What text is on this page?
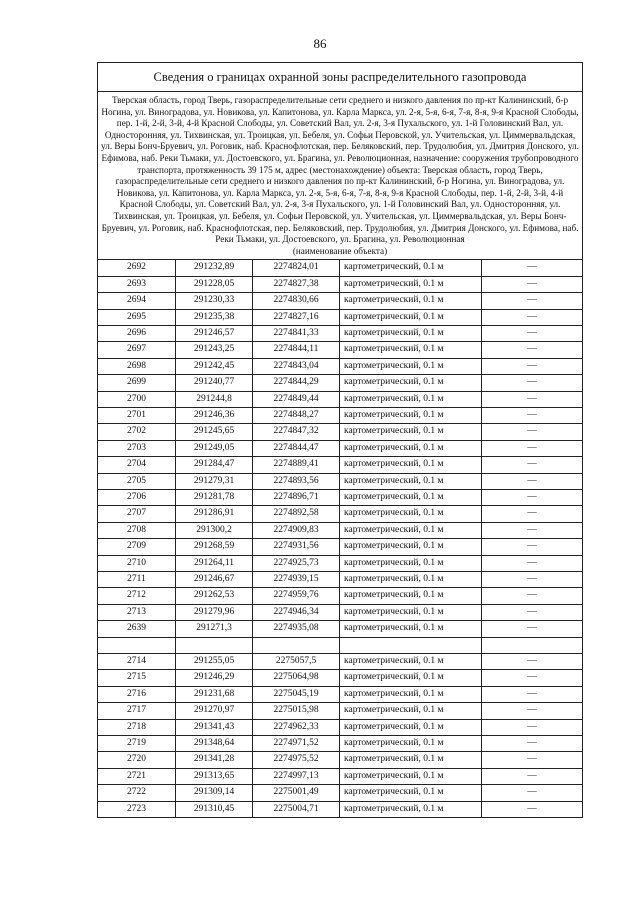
86
Сведения о границах охранной зоны распределительного газопровода				

Тверская область, город Тверь, газораспределительные сети среднего и низкого давления по пр-кт Калининский, б-р Ногина, ул. Виноградова, ул. Новикова, ул. Капитонова, ул. Карла Маркса, ул. 2-я, 5-я, 6-я, 7-я, 8-я, 9-я Красной Слободы, пер. 1-й, 2-й, 3-й, 4-й Красной Слободы, ул. Советский Вал, ул. 2-я, 3-я Пухальского, ул. 1-й Головинский Вал, ул. Односторонняя, ул. Тихвинская, ул. Троицкая, ул. Бебеля, ул. Софьи Перовской, ул. Учительская, ул. Циммервальдская, ул. Веры Бонч-Бруевич, ул. Роговик, наб. Краснофлотская, пер. Беляковский, пер. Трудолюбия, ул. Дмитрия Донского, ул. Ефимова, наб. Реки Тьмаки, ул. Достоевского, ул. Брагина, ул. Революционная, назначение: сооружения трубопроводного транспорта, протяженность 39 175 м, адрес (местонахождение) объекта: Тверская область, город Тверь, газораспределительные сети среднего и низкого давления по пр-кт Калининский, б-р Ногина, ул. Виноградова, ул. Новикова, ул. Капитонова, ул. Карла Маркса, ул. 2-я, 5-я, 6-я, 7-я, 8-я, 9-я Красной Слободы, пер. 1-й, 2-й, 3-й, 4-й Красной Слободы, ул. Советский Вал, ул. 2-я, 3-я Пухальского, ул. 1-й Головинский Вал, ул. Односторонняя, ул. Тихвинская, ул. Троицкая, ул. Бебеля, ул. Софьи Перовской, ул. Учительская, ул. Циммервальдская, ул. Веры Бонч-Бруевич, ул. Роговик, наб. Краснофлотская, пер. Беляковский, пер. Трудолюбия, ул. Дмитрия Донского, ул. Ефимова, наб. Реки Тьмаки, ул. Достоевского, ул. Брагина, ул. Революционная
(наименование объекта)				

2692	291232,89	2274824,01	картометрический, 0.1 м	—
2693	291228,05	2274827,38	картометрический, 0.1 м	—
2694	291230,33	2274830,66	картометрический, 0.1 м	—
2695	291235,38	2274827,16	картометрический, 0.1 м	—
2696	291246,57	2274841,33	картометрический, 0.1 м	—
2697	291243,25	2274844,11	картометрический, 0.1 м	—
2698	291242,45	2274843,04	картометрический, 0.1 м	—
2699	291240,77	2274844,29	картометрический, 0.1 м	—
2700	291244,8	2274849,44	картометрический, 0.1 м	—
2701	291246,36	2274848,27	картометрический, 0.1 м	—
2702	291245,65	2274847,32	картометрический, 0.1 м	—
2703	291249,05	2274844,47	картометрический, 0.1 м	—
2704	291284,47	2274889,41	картометрический, 0.1 м	—
2705	291279,31	2274893,56	картометрический, 0.1 м	—
2706	291281,78	2274896,71	картометрический, 0.1 м	—
2707	291286,91	2274892,58	картометрический, 0.1 м	—
2708	291300,2	2274909,83	картометрический, 0.1 м	—
2709	291268,59	2274931,56	картометрический, 0.1 м	—
2710	291264,11	2274925,73	картометрический, 0.1 м	—
2711	291246,67	2274939,15	картометрический, 0.1 м	—
2712	291262,53	2274959,76	картометрический, 0.1 м	—
2713	291279,96	2274946,34	картометрический, 0.1 м	—
2639	291271,3	2274935,08	картометрический, 0.1 м	—

2714	291255,05	2275057,5	картометрический, 0.1 м	—
2715	291246,29	2275064,98	картометрический, 0.1 м	—
2716	291231,68	2275045,19	картометрический, 0.1 м	—
2717	291270,97	2275015,98	картометрический, 0.1 м	—
2718	291341,43	2274962,33	картометрический, 0.1 м	—
2719	291348,64	2274971,52	картометрический, 0.1 м	—
2720	291341,28	2274975,52	картометрический, 0.1 м	—
2721	291313,65	2274997,13	картометрический, 0.1 м	—
2722	291309,14	2275001,49	картометрический, 0.1 м	—
2723	291310,45	2275004,71	картометрический, 0.1 м	—
